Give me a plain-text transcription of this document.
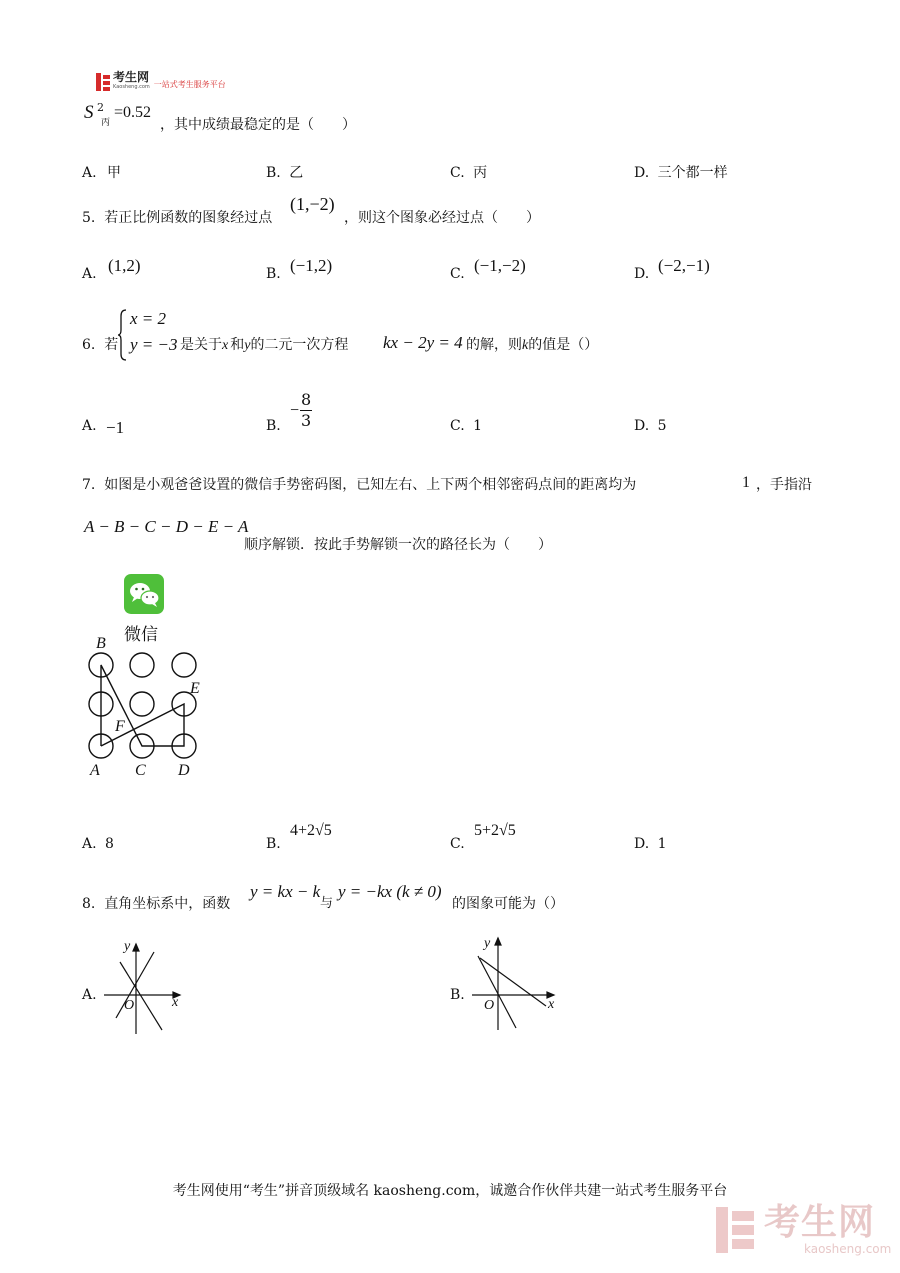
考生网
Kaosheng.com 一站式考生服务平台
S 2
丙
=0.52
，其中成绩最稳定的是（　　）
A. 甲	B. 乙	C. 丙	D. 三个都一样
5. 若正比例函数的图象经过点
(1,−2)
，则这个图象必经过点（　　）
A. (1,2)	B. (−1,2)	C. (−1,−2)	D. (−2,−1)
6. 若
x = 2
y = −3 是关于x 和y的二元一次方程 kx − 2y = 4 的解，则k的值是（）
A. −1	B.
− $\frac{8}{3}$	C. 1	D. 5
7. 如图是小观爸爸设置的微信手势密码图，已知左右、上下两个相邻密码点间的距离均为	1 ，手指沿
A − B − C − D − E − A
顺序解锁．按此手势解锁一次的路径长为（　　）
微信
B
E
F
A C D
A. 8	B.
4+2√5
C.
5+2√5
D. 1
8. 直角坐标系中，函数
y = kx − k
与
y = −kx (k ≠ 0)
的图象可能为（）
A.
y
x
O
B.
y
x
O
考生网使用“考生”拼音顶级域名 kaosheng.com，诚邀合作伙伴共建一站式考生服务平台
考生网
kaosheng.com
